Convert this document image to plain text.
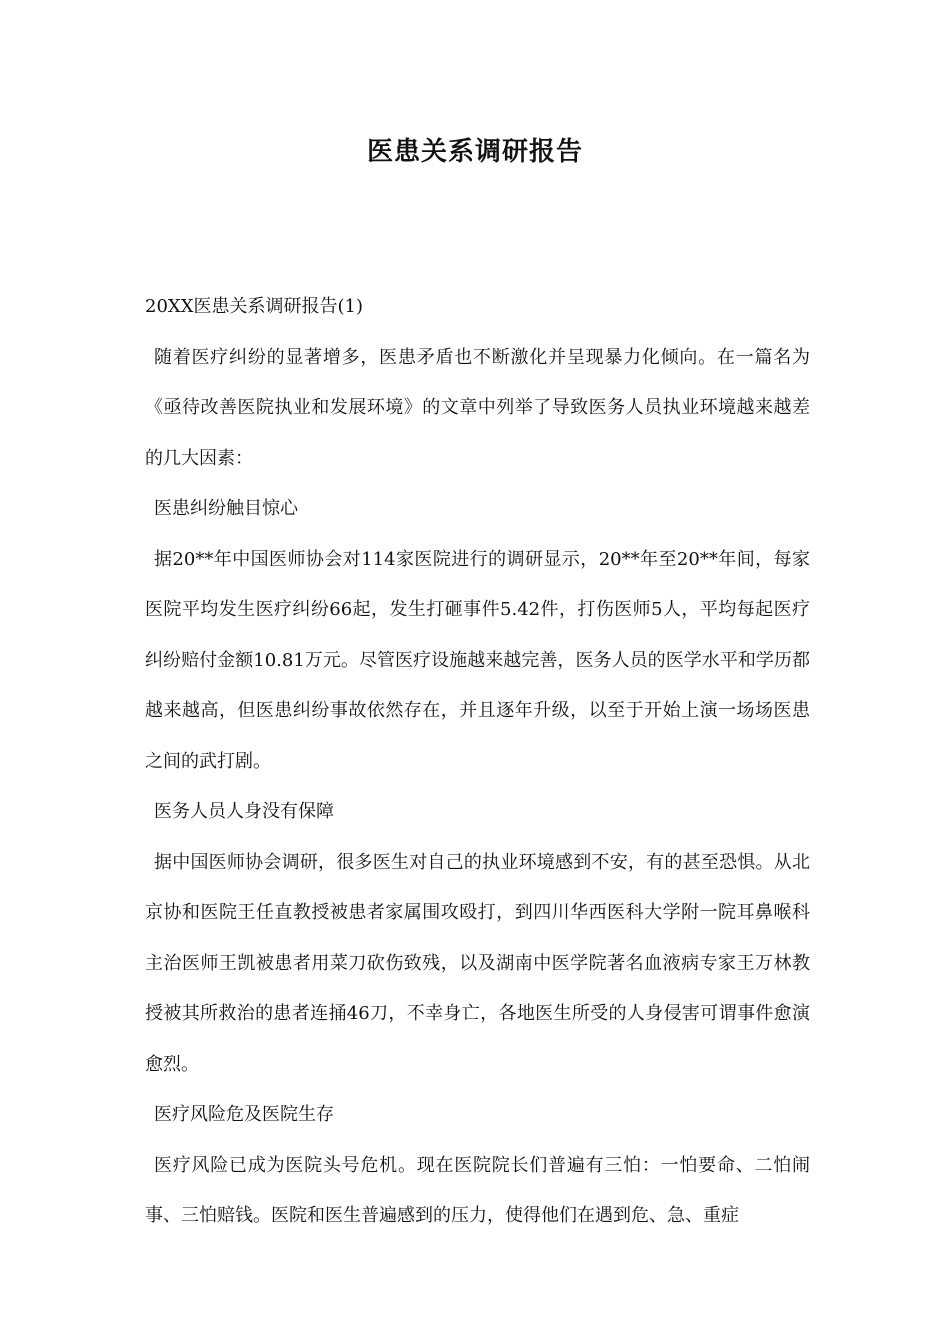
医患关系调研报告

20XX医患关系调研报告(1)

随着医疗纠纷的显著增多，医患矛盾也不断激化并呈现暴力化倾向。在一篇名为《亟待改善医院执业和发展环境》的文章中列举了导致医务人员执业环境越来越差的几大因素：

医患纠纷触目惊心

据20**年中国医师协会对114家医院进行的调研显示，20**年至20**年间，每家医院平均发生医疗纠纷66起，发生打砸事件5.42件，打伤医师5人，平均每起医疗纠纷赔付金额10.81万元。尽管医疗设施越来越完善，医务人员的医学水平和学历都越来越高，但医患纠纷事故依然存在，并且逐年升级，以至于开始上演一场场医患之间的武打剧。

医务人员人身没有保障

据中国医师协会调研，很多医生对自己的执业环境感到不安，有的甚至恐惧。从北京协和医院王任直教授被患者家属围攻殴打，到四川华西医科大学附一院耳鼻喉科主治医师王凯被患者用菜刀砍伤致残，以及湖南中医学院著名血液病专家王万林教授被其所救治的患者连捅46刀，不幸身亡，各地医生所受的人身侵害可谓事件愈演愈烈。

医疗风险危及医院生存

医疗风险已成为医院头号危机。现在医院院长们普遍有三怕：一怕要命、二怕闹事、三怕赔钱。医院和医生普遍感到的压力，使得他们在遇到危、急、重症
